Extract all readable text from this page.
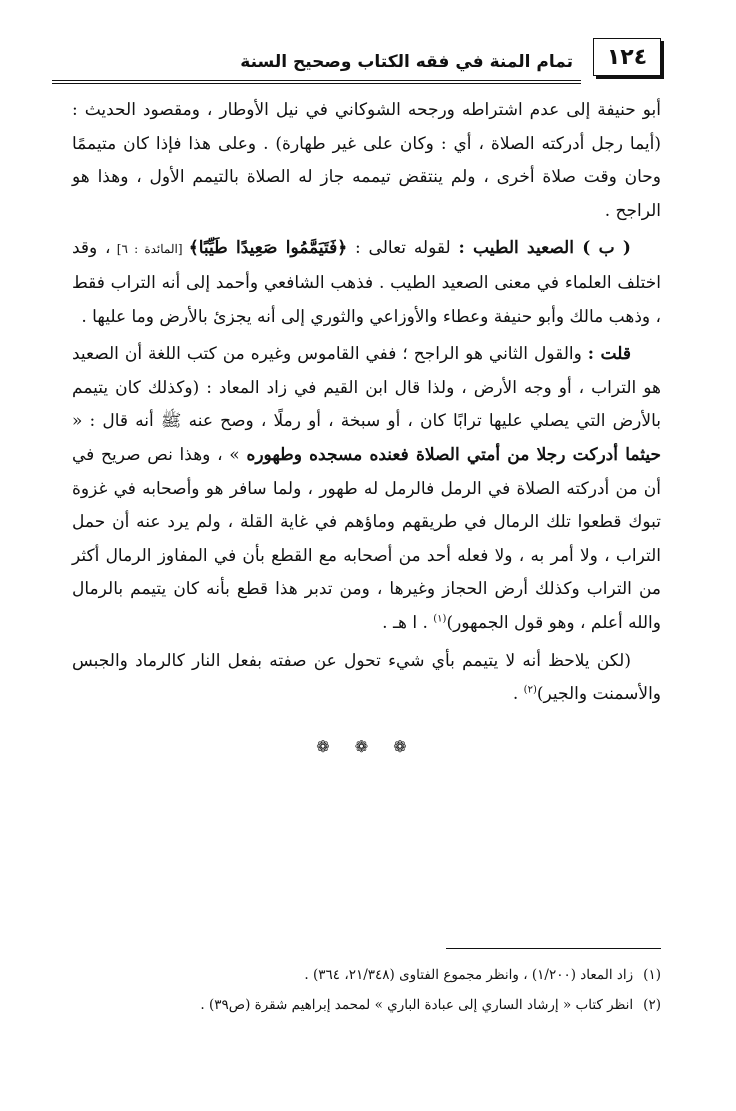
١٢٤
تمام المنة في فقه الكتاب وصحيح السنة

أبو حنيفة إلى عدم اشتراطه ورجحه الشوكاني في نيل الأوطار ، ومقصود الحديث : (أيما رجل أدركته الصلاة ، أي : وكان على غير طهارة) . وعلى هذا فإذا كان متيممًا وحان وقت صلاة أخرى ، ولم ينتقض تيممه جاز له الصلاة بالتيمم الأول ، وهذا هو الراجح .

( ب ) الصعيد الطيب : لقوله تعالى : ﴿فَتَيَمَّمُوا صَعِيدًا طَيِّبًا﴾ [المائدة : ٦] ، وقد اختلف العلماء في معنى الصعيد الطيب . فذهب الشافعي وأحمد إلى أنه التراب فقط ، وذهب مالك وأبو حنيفة وعطاء والأوزاعي والثوري إلى أنه يجزئ بالأرض وما عليها .

قلت : والقول الثاني هو الراجح ؛ ففي القاموس وغيره من كتب اللغة أن الصعيد هو التراب ، أو وجه الأرض ، ولذا قال ابن القيم في زاد المعاد : (وكذلك كان يتيمم بالأرض التي يصلي عليها ترابًا كان ، أو سبخة ، أو رملًا ، وصح عنه ﷺ أنه قال : « حيثما أدركت رجلا من أمتي الصلاة فعنده مسجده وطهوره » ، وهذا نص صريح في أن من أدركته الصلاة في الرمل فالرمل له طهور ، ولما سافر هو وأصحابه في غزوة تبوك قطعوا تلك الرمال في طريقهم وماؤهم في غاية القلة ، ولم يرد عنه أن حمل التراب ، ولا أمر به ، ولا فعله أحد من أصحابه مع القطع بأن في المفاوز الرمال أكثر من التراب وكذلك أرض الحجاز وغيرها ، ومن تدبر هذا قطع بأنه كان يتيمم بالرمال والله أعلم ، وهو قول الجمهور)$^{(١)}$ . ا هـ .

(لكن يلاحظ أنه لا يتيمم بأي شيء تحول عن صفته بفعل النار كالرماد والجبس والأسمنت والجير)$^{(٢)}$ .

❁ ❁ ❁

(١)زاد المعاد (١/٢٠٠) ، وانظر مجموع الفتاوى (٢١/٣٤٨، ٣٦٤) .

(٢)انظر كتاب « إرشاد الساري إلى عبادة الباري » لمحمد إبراهيم شقرة (ص٣٩) .
